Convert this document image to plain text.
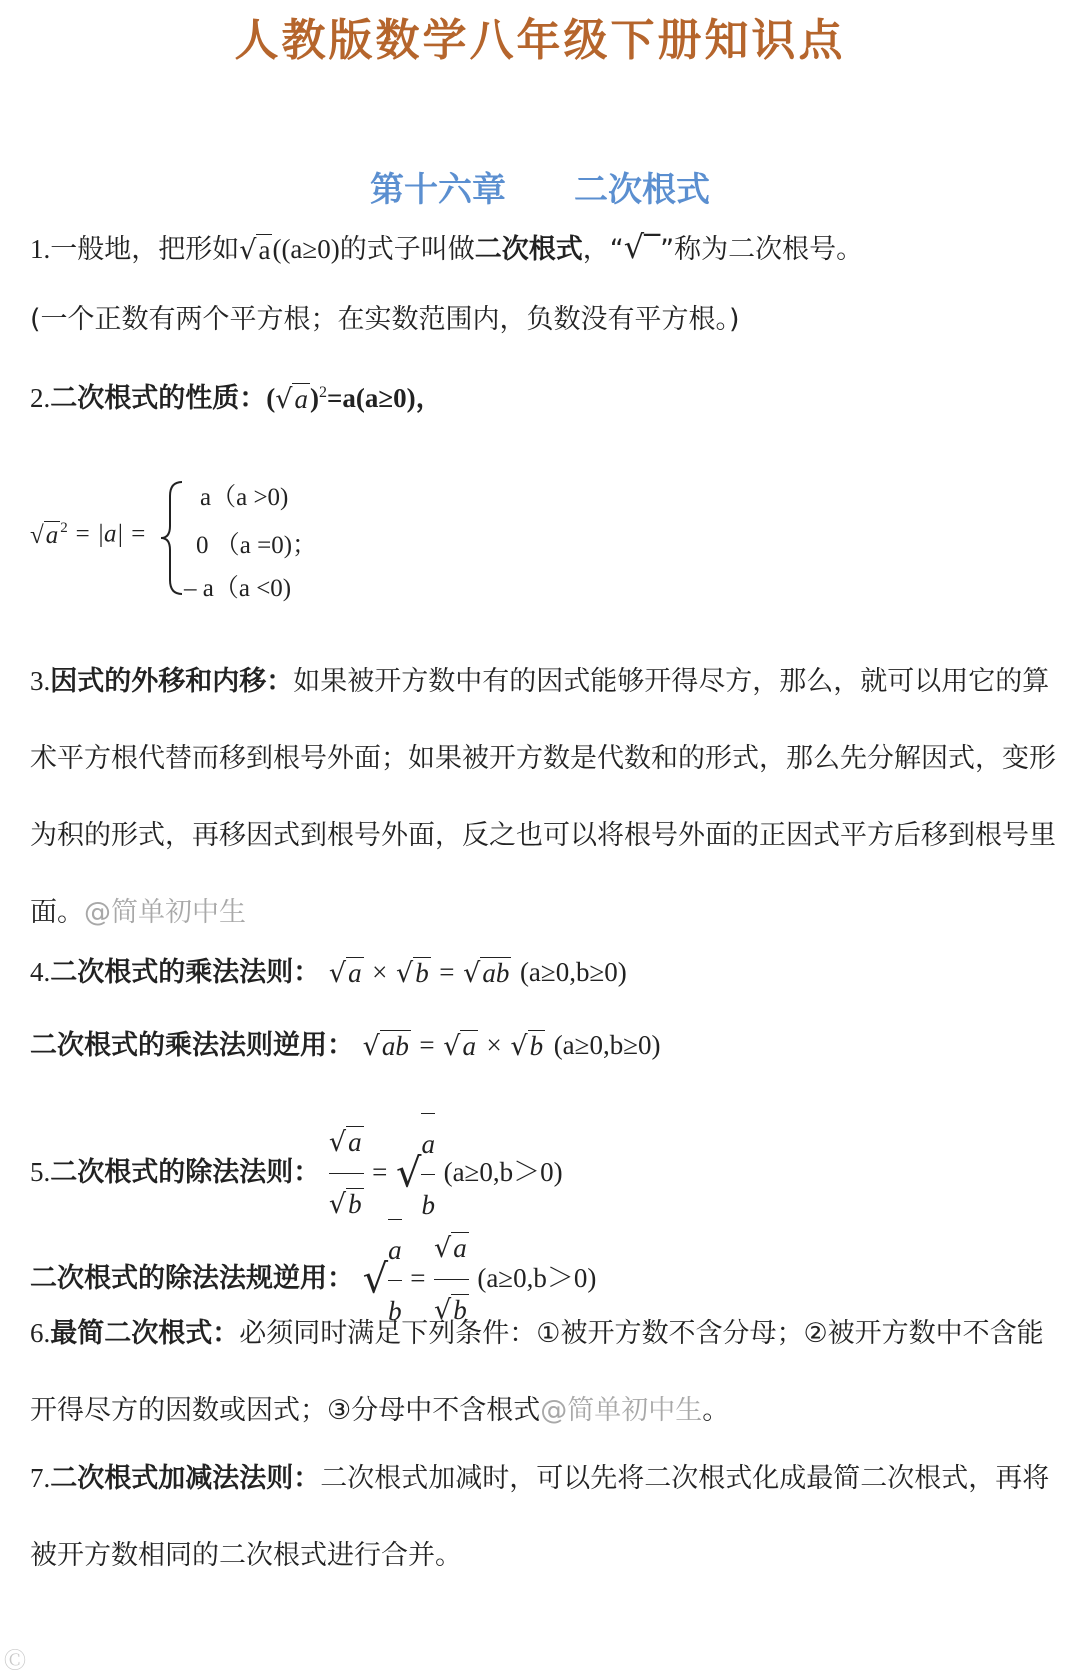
人教版数学八年级下册知识点
第十六章 二次根式
1.一般地，把形如√a((a≥0)的式子叫做二次根式，“√‾”称为二次根号。
(一个正数有两个平方根；在实数范围内，负数没有平方根。)
2.二次根式的性质：$(√a)^2=a(a\ge 0)$，
√a $^2$ = |a| =
a（a >0)
0 （a =0)；
– a（a <0)
3.因式的外移和内移：如果被开方数中有的因式能够开得尽方，那么，就可以用它的算术平方根代替而移到根号外面；如果被开方数是代数和的形式，那么先分解因式，变形为积的形式，再移因式到根号外面，反之也可以将根号外面的正因式平方后移到根号里面。@简单初中生
4.二次根式的乘法法则： √a × √b = √ab (a≥0,b≥0)
二次根式的乘法法则逆用： √ab = √a × √b (a≥0,b≥0)
5.二次根式的除法法则： $\frac{√a}{√b}$ = √ $\frac{a}{b} (a\ge 0,b>0)$
二次根式的除法法规逆用： √ $\frac{a}{b} = \frac{√a}{√b} (a\ge 0,b>0)$
6.最简二次根式：必须同时满足下列条件：①被开方数不含分母；②被开方数中不含能开得尽方的因数或因式；③分母中不含根式@简单初中生。
7.二次根式加减法法则：二次根式加减时，可以先将二次根式化成最简二次根式，再将被开方数相同的二次根式进行合并。
Ⓒ
